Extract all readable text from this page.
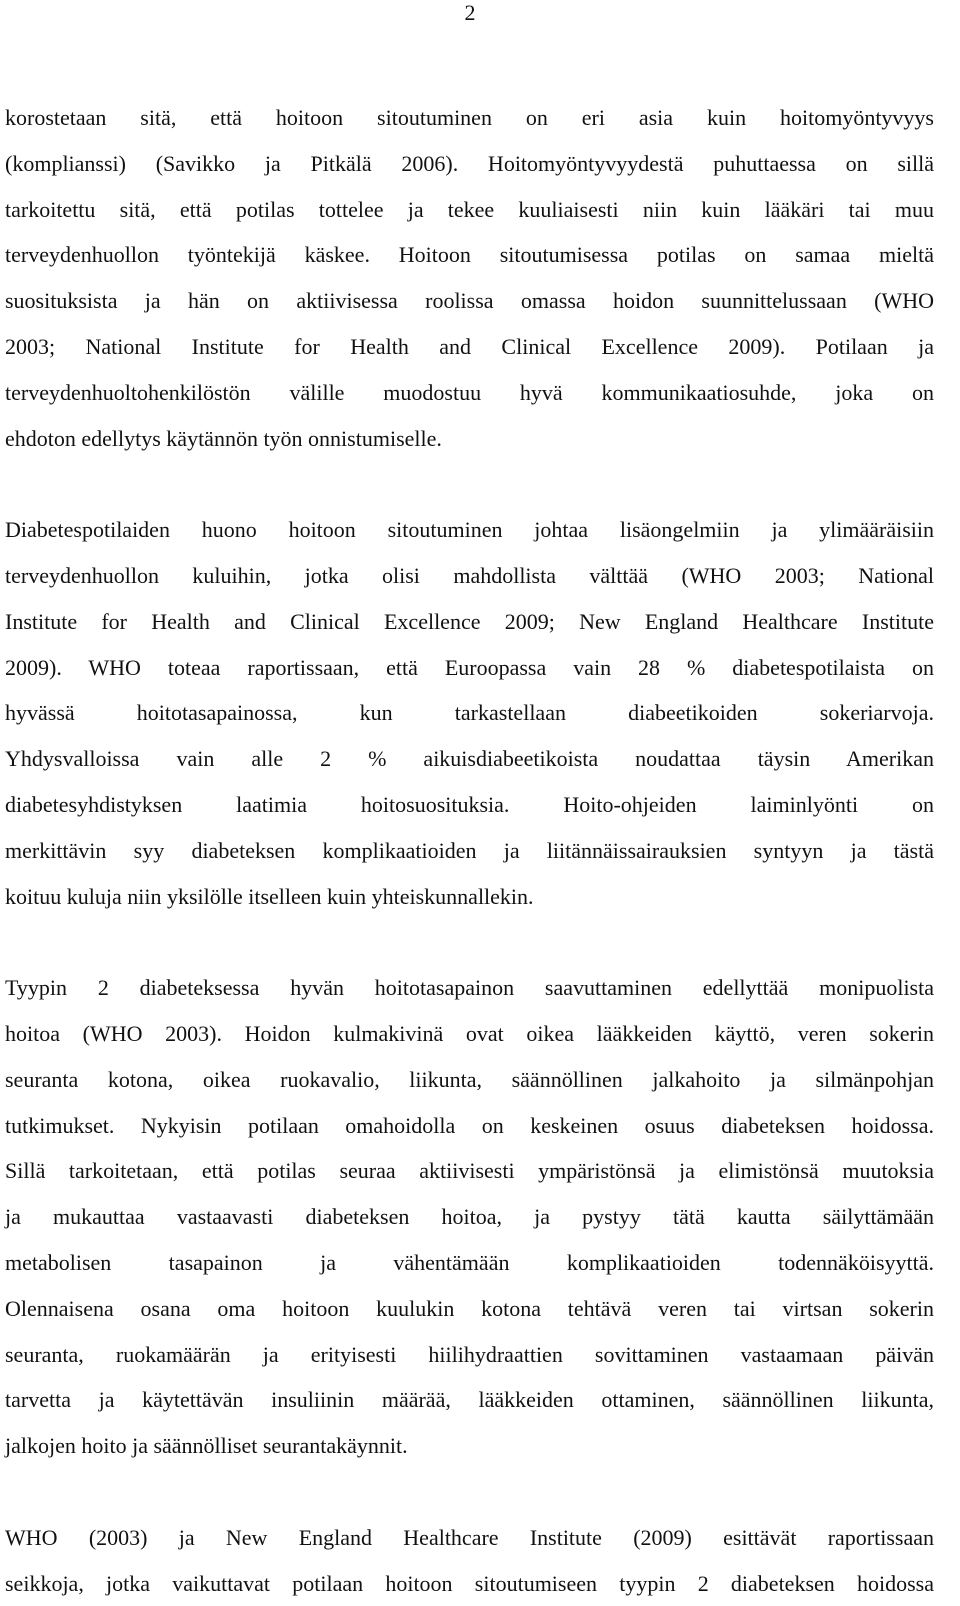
2
korostetaan sitä, että hoitoon sitoutuminen on eri asia kuin hoitomyöntyvyys
(komplianssi) (Savikko ja Pitkälä 2006). Hoitomyöntyvyydestä puhuttaessa on sillä
tarkoitettu sitä, että potilas tottelee ja tekee kuuliaisesti niin kuin lääkäri tai muu
terveydenhuollon työntekijä käskee. Hoitoon sitoutumisessa potilas on samaa mieltä
suosituksista ja hän on aktiivisessa roolissa omassa hoidon suunnittelussaan (WHO
2003; National Institute for Health and Clinical Excellence 2009). Potilaan ja
terveydenhuoltohenkilöstön välille muodostuu hyvä kommunikaatiosuhde, joka on
ehdoton edellytys käytännön työn onnistumiselle.
Diabetespotilaiden huono hoitoon sitoutuminen johtaa lisäongelmiin ja ylimääräisiin
terveydenhuollon kuluihin, jotka olisi mahdollista välttää (WHO 2003; National
Institute for Health and Clinical Excellence 2009; New England Healthcare Institute
2009). WHO toteaa raportissaan, että Euroopassa vain 28 % diabetespotilaista on
hyvässä hoitotasapainossa, kun tarkastellaan diabeetikoiden sokeriarvoja.
Yhdysvalloissa vain alle 2 % aikuisdiabeetikoista noudattaa täysin Amerikan
diabetesyhdistyksen laatimia hoitosuosituksia. Hoito-ohjeiden laiminlyönti on
merkittävin syy diabeteksen komplikaatioiden ja liitännäissairauksien syntyyn ja tästä
koituu kuluja niin yksilölle itselleen kuin yhteiskunnallekin.
Tyypin 2 diabeteksessa hyvän hoitotasapainon saavuttaminen edellyttää monipuolista
hoitoa (WHO 2003). Hoidon kulmakivinä ovat oikea lääkkeiden käyttö, veren sokerin
seuranta kotona, oikea ruokavalio, liikunta, säännöllinen jalkahoito ja silmänpohjan
tutkimukset. Nykyisin potilaan omahoidolla on keskeinen osuus diabeteksen hoidossa.
Sillä tarkoitetaan, että potilas seuraa aktiivisesti ympäristönsä ja elimistönsä muutoksia
ja mukauttaa vastaavasti diabeteksen hoitoa, ja pystyy tätä kautta säilyttämään
metabolisen tasapainon ja vähentämään komplikaatioiden todennäköisyyttä.
Olennaisena osana oma hoitoon kuulukin kotona tehtävä veren tai virtsan sokerin
seuranta, ruokamäärän ja erityisesti hiilihydraattien sovittaminen vastaamaan päivän
tarvetta ja käytettävän insuliinin määrää, lääkkeiden ottaminen, säännöllinen liikunta,
jalkojen hoito ja säännölliset seurantakäynnit.
WHO (2003) ja New England Healthcare Institute (2009) esittävät raportissaan
seikkoja, jotka vaikuttavat potilaan hoitoon sitoutumiseen tyypin 2 diabeteksen hoidossa
